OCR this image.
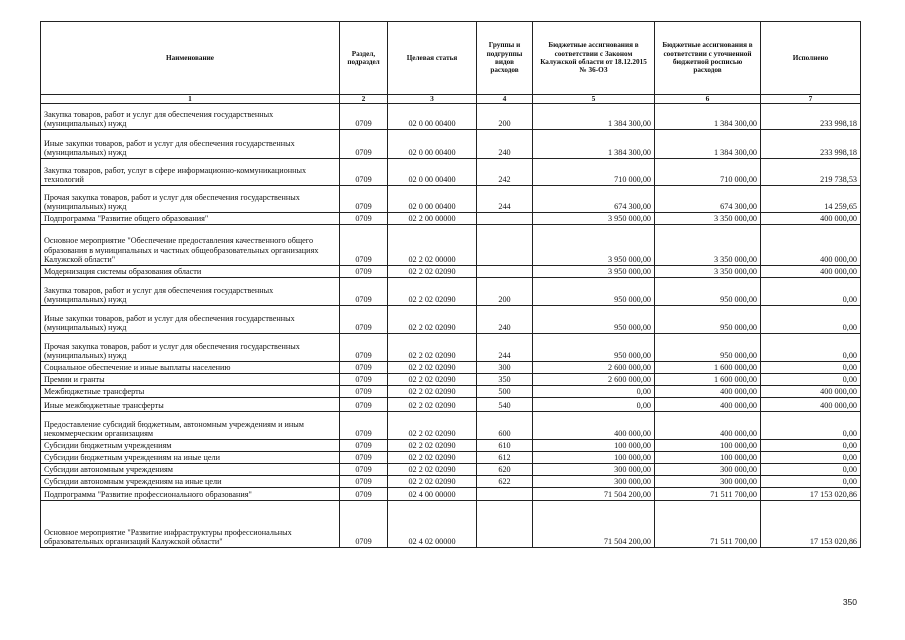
Наименование	Раздел, подраздел	Целевая статья	Группы и подгруппы видов расходов	Бюджетные ассигнования в соответствии с Законом Калужской области от 18.12.2015 № 36-ОЗ	Бюджетные ассигнования в соответствии с уточненной бюджетной росписью расходов	Исполнено
1	2	3	4	5	6	7
Закупка товаров, работ и услуг для обеспечения государственных (муниципальных) нужд	0709	02 0 00 00400	200	1 384 300,00	1 384 300,00	233 998,18
Иные закупки товаров, работ и услуг для обеспечения государственных (муниципальных) нужд	0709	02 0 00 00400	240	1 384 300,00	1 384 300,00	233 998,18
Закупка товаров, работ, услуг в сфере информационно-коммуникационных технологий	0709	02 0 00 00400	242	710 000,00	710 000,00	219 738,53
Прочая закупка товаров, работ и услуг для обеспечения государственных (муниципальных) нужд	0709	02 0 00 00400	244	674 300,00	674 300,00	14 259,65
Подпрограмма "Развитие общего образования"	0709	02 2 00 00000		3 950 000,00	3 350 000,00	400 000,00
Основное мероприятие "Обеспечение предоставления качественного общего образования в муниципальных и частных общеобразовательных организациях Калужской области"	0709	02 2 02 00000		3 950 000,00	3 350 000,00	400 000,00
Модернизация системы образования области	0709	02 2 02 02090		3 950 000,00	3 350 000,00	400 000,00
Закупка товаров, работ и услуг для обеспечения государственных (муниципальных) нужд	0709	02 2 02 02090	200	950 000,00	950 000,00	0,00
Иные закупки товаров, работ и услуг для обеспечения государственных (муниципальных) нужд	0709	02 2 02 02090	240	950 000,00	950 000,00	0,00
Прочая закупка товаров, работ и услуг для обеспечения государственных (муниципальных) нужд	0709	02 2 02 02090	244	950 000,00	950 000,00	0,00
Социальное обеспечение и иные выплаты населению	0709	02 2 02 02090	300	2 600 000,00	1 600 000,00	0,00
Премии и гранты	0709	02 2 02 02090	350	2 600 000,00	1 600 000,00	0,00
Межбюджетные трансферты	0709	02 2 02 02090	500	0,00	400 000,00	400 000,00
Иные межбюджетные трансферты	0709	02 2 02 02090	540	0,00	400 000,00	400 000,00
Предоставление субсидий бюджетным, автономным учреждениям и иным некоммерческим организациям	0709	02 2 02 02090	600	400 000,00	400 000,00	0,00
Субсидии бюджетным учреждениям	0709	02 2 02 02090	610	100 000,00	100 000,00	0,00
Субсидии бюджетным учреждениям на иные цели	0709	02 2 02 02090	612	100 000,00	100 000,00	0,00
Субсидии автономным учреждениям	0709	02 2 02 02090	620	300 000,00	300 000,00	0,00
Субсидии автономным учреждениям на иные цели	0709	02 2 02 02090	622	300 000,00	300 000,00	0,00
Подпрограмма "Развитие профессионального образования"	0709	02 4 00 00000		71 504 200,00	71 511 700,00	17 153 020,86
Основное мероприятие "Развитие инфраструктуры профессиональных образовательных организаций Калужской области"	0709	02 4 02 00000		71 504 200,00	71 511 700,00	17 153 020,86
350
